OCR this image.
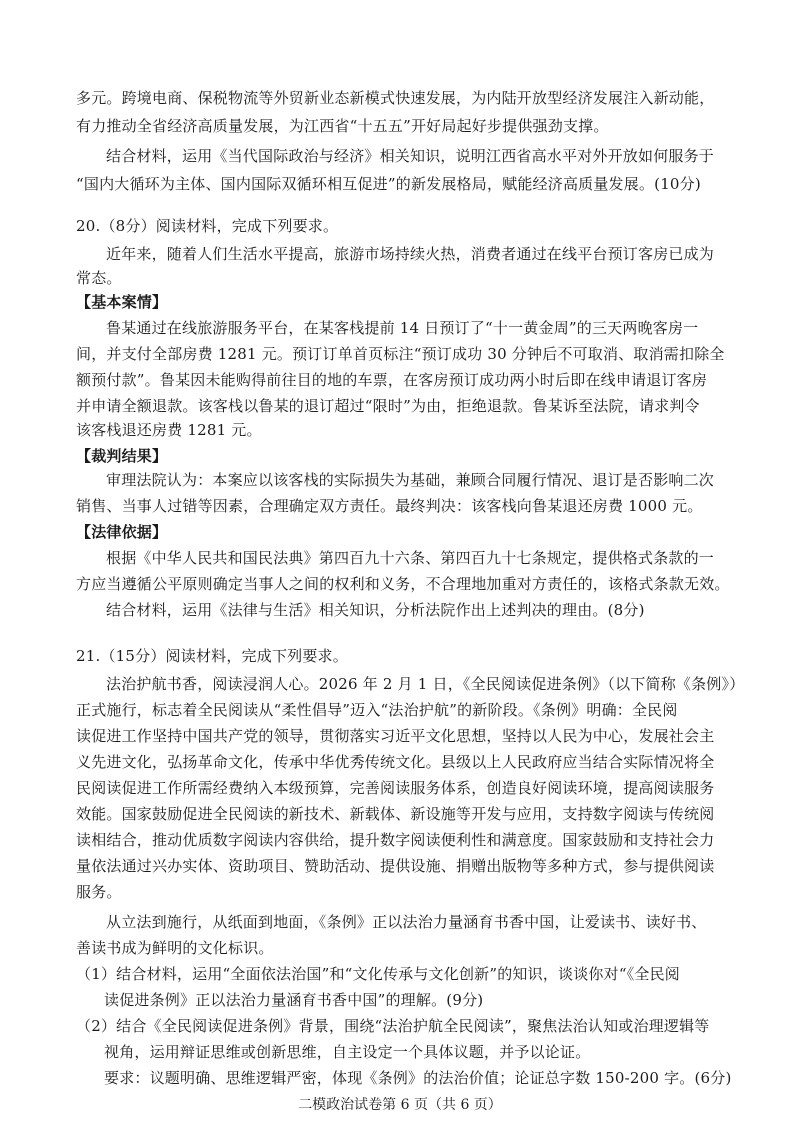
多元。跨境电商、保税物流等外贸新业态新模式快速发展，为内陆开放型经济发展注入新动能，
有力推动全省经济高质量发展，为江西省“十五五”开好局起好步提供强劲支撑。
结合材料，运用《当代国际政治与经济》相关知识，说明江西省高水平对外开放如何服务于
“国内大循环为主体、国内国际双循环相互促进”的新发展格局，赋能经济高质量发展。(10分)
20.（8分）阅读材料，完成下列要求。
近年来，随着人们生活水平提高，旅游市场持续火热，消费者通过在线平台预订客房已成为
常态。
【基本案情】
鲁某通过在线旅游服务平台，在某客栈提前 14 日预订了“十一黄金周”的三天两晚客房一
间，并支付全部房费 1281 元。预订订单首页标注“预订成功 30 分钟后不可取消、取消需扣除全
额预付款”。鲁某因未能购得前往目的地的车票，在客房预订成功两小时后即在线申请退订客房
并申请全额退款。该客栈以鲁某的退订超过“限时”为由，拒绝退款。鲁某诉至法院，请求判令
该客栈退还房费 1281 元。
【裁判结果】
审理法院认为：本案应以该客栈的实际损失为基础，兼顾合同履行情况、退订是否影响二次
销售、当事人过错等因素，合理确定双方责任。最终判决：该客栈向鲁某退还房费 1000 元。
【法律依据】
根据《中华人民共和国民法典》第四百九十六条、第四百九十七条规定，提供格式条款的一
方应当遵循公平原则确定当事人之间的权利和义务，不合理地加重对方责任的，该格式条款无效。
结合材料，运用《法律与生活》相关知识，分析法院作出上述判决的理由。(8分)
21.（15分）阅读材料，完成下列要求。
法治护航书香，阅读浸润人心。2026 年 2 月 1 日，《全民阅读促进条例》（以下简称《条例》）
正式施行，标志着全民阅读从“柔性倡导”迈入“法治护航”的新阶段。《条例》明确：全民阅
读促进工作坚持中国共产党的领导，贯彻落实习近平文化思想，坚持以人民为中心，发展社会主
义先进文化，弘扬革命文化，传承中华优秀传统文化。县级以上人民政府应当结合实际情况将全
民阅读促进工作所需经费纳入本级预算，完善阅读服务体系，创造良好阅读环境，提高阅读服务
效能。国家鼓励促进全民阅读的新技术、新载体、新设施等开发与应用，支持数字阅读与传统阅
读相结合，推动优质数字阅读内容供给，提升数字阅读便利性和满意度。国家鼓励和支持社会力
量依法通过兴办实体、资助项目、赞助活动、提供设施、捐赠出版物等多种方式，参与提供阅读
服务。
从立法到施行，从纸面到地面，《条例》正以法治力量涵育书香中国，让爱读书、读好书、
善读书成为鲜明的文化标识。
（1）结合材料，运用“全面依法治国”和“文化传承与文化创新”的知识，谈谈你对“《全民阅
读促进条例》正以法治力量涵育书香中国”的理解。(9分)
（2）结合《全民阅读促进条例》背景，围绕“法治护航全民阅读”，聚焦法治认知或治理逻辑等
视角，运用辩证思维或创新思维，自主设定一个具体议题，并予以论证。
要求：议题明确、思维逻辑严密，体现《条例》的法治价值；论证总字数 150-200 字。(6分)
二模政治试卷第 6 页（共 6 页）
